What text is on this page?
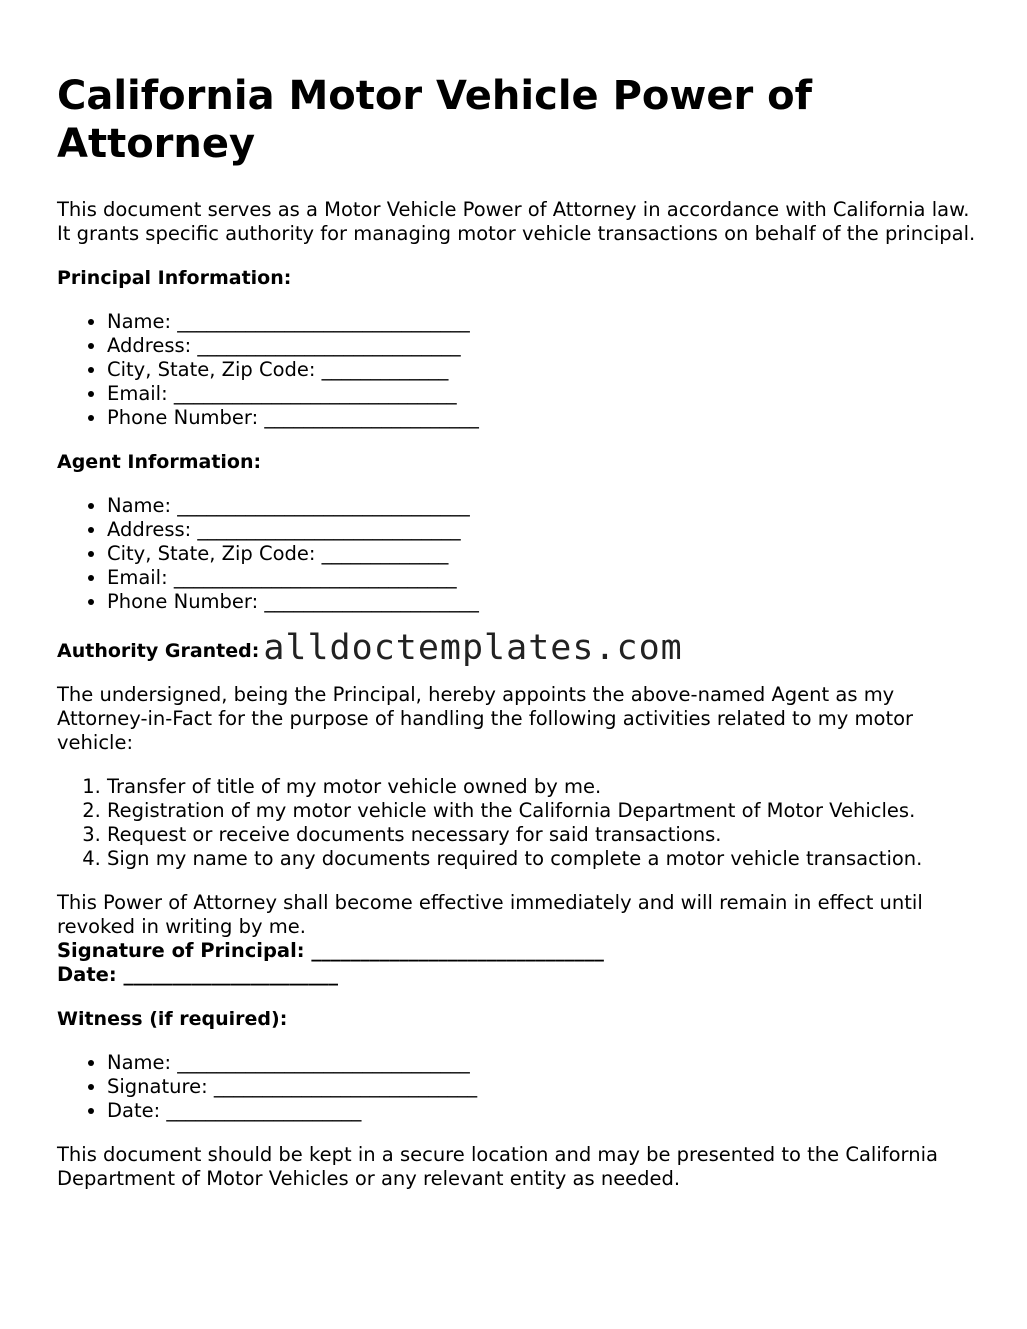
California Motor Vehicle Power of Attorney

This document serves as a Motor Vehicle Power of Attorney in accordance with California law. It grants specific authority for managing motor vehicle transactions on behalf of the principal.

Principal Information:

• Name: ______________________________
• Address: ___________________________
• City, State, Zip Code: _____________
• Email: _____________________________
• Phone Number: ______________________

Agent Information:

• Name: ______________________________
• Address: ___________________________
• City, State, Zip Code: _____________
• Email: _____________________________
• Phone Number: ______________________
Authority Granted: alldoctemplates.com

The undersigned, being the Principal, hereby appoints the above-named Agent as my Attorney-in-Fact for the purpose of handling the following activities related to my motor vehicle:

1. Transfer of title of my motor vehicle owned by me.
2. Registration of my motor vehicle with the California Department of Motor Vehicles.
3. Request or receive documents necessary for said transactions.
4. Sign my name to any documents required to complete a motor vehicle transaction.

This Power of Attorney shall become effective immediately and will remain in effect until revoked in writing by me.

Signature of Principal: ______________________________

Date: ______________________

Witness (if required):

• Name: ______________________________
• Signature: ___________________________
• Date: ____________________

This document should be kept in a secure location and may be presented to the California Department of Motor Vehicles or any relevant entity as needed.
